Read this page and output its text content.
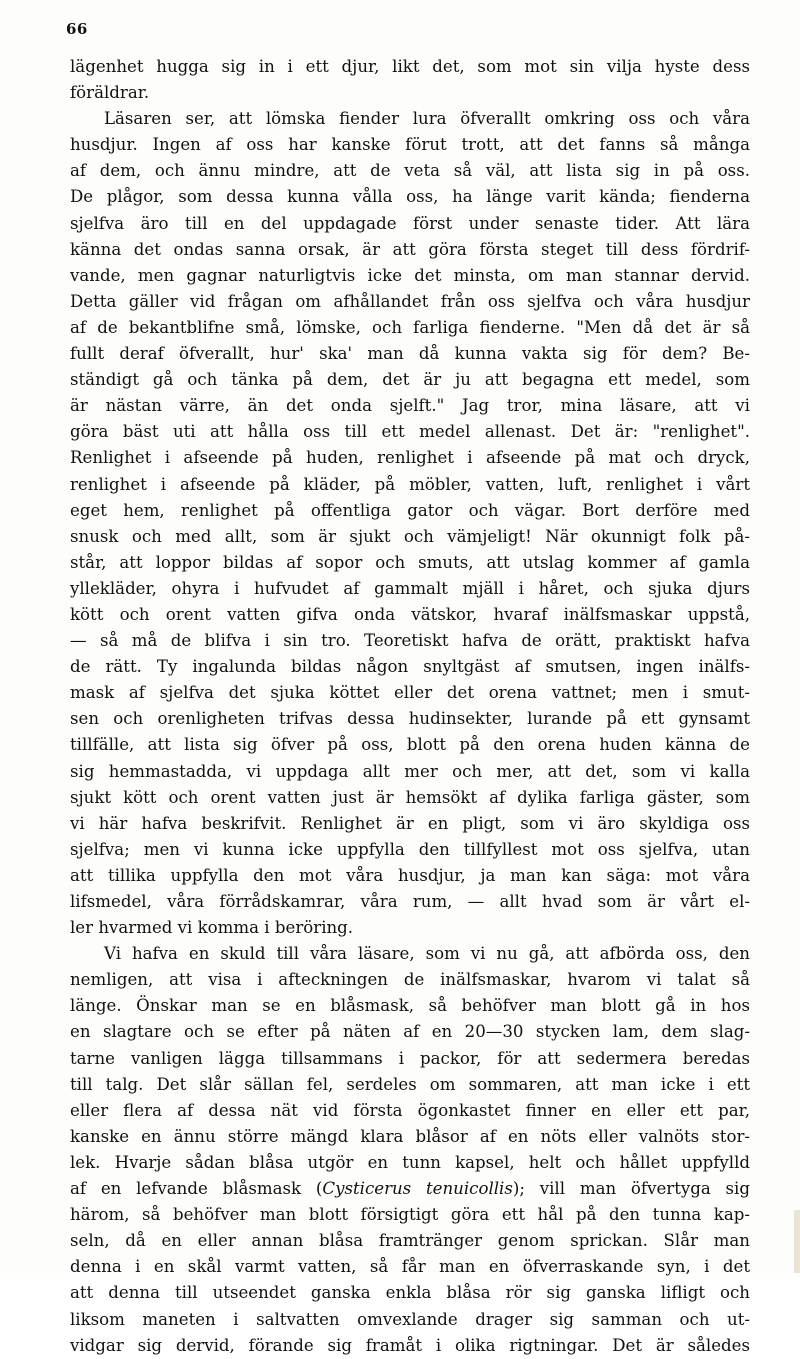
66
lägenhet hugga sig in i ett djur, likt det, som mot sin vilja hyste dess
föräldrar.
Läsaren ser, att lömska fiender lura öfverallt omkring oss och våra
husdjur. Ingen af oss har kanske förut trott, att det fanns så många
af dem, och ännu mindre, att de veta så väl, att lista sig in på oss.
De plågor, som dessa kunna vålla oss, ha länge varit kända; fienderna
sjelfva äro till en del uppdagade först under senaste tider. Att lära
känna det ondas sanna orsak, är att göra första steget till dess fördrif-
vande, men gagnar naturligtvis icke det minsta, om man stannar dervid.
Detta gäller vid frågan om afhållandet från oss sjelfva och våra husdjur
af de bekantblifne små, lömske, och farliga fienderne. "Men då det är så
fullt deraf öfverallt, hur' ska' man då kunna vakta sig för dem? Be-
ständigt gå och tänka på dem, det är ju att begagna ett medel, som
är nästan värre, än det onda sjelft." Jag tror, mina läsare, att vi
göra bäst uti att hålla oss till ett medel allenast. Det är: "renlighet".
Renlighet i afseende på huden, renlighet i afseende på mat och dryck,
renlighet i afseende på kläder, på möbler, vatten, luft, renlighet i vårt
eget hem, renlighet på offentliga gator och vägar. Bort derföre med
snusk och med allt, som är sjukt och vämjeligt! När okunnigt folk på-
står, att loppor bildas af sopor och smuts, att utslag kommer af gamla
yllekläder, ohyra i hufvudet af gammalt mjäll i håret, och sjuka djurs
kött och orent vatten gifva onda vätskor, hvaraf inälfsmaskar uppstå,
— så må de blifva i sin tro. Teoretiskt hafva de orätt, praktiskt hafva
de rätt. Ty ingalunda bildas någon snyltgäst af smutsen, ingen inälfs-
mask af sjelfva det sjuka köttet eller det orena vattnet; men i smut-
sen och orenligheten trifvas dessa hudinsekter, lurande på ett gynsamt
tillfälle, att lista sig öfver på oss, blott på den orena huden känna de
sig hemmastadda, vi uppdaga allt mer och mer, att det, som vi kalla
sjukt kött och orent vatten just är hemsökt af dylika farliga gäster, som
vi här hafva beskrifvit. Renlighet är en pligt, som vi äro skyldiga oss
sjelfva; men vi kunna icke uppfylla den tillfyllest mot oss sjelfva, utan
att tillika uppfylla den mot våra husdjur, ja man kan säga: mot våra
lifsmedel, våra förrådskamrar, våra rum, — allt hvad som är vårt el-
ler hvarmed vi komma i beröring.
Vi hafva en skuld till våra läsare, som vi nu gå, att afbörda oss, den
nemligen, att visa i afteckningen de inälfsmaskar, hvarom vi talat så
länge. Önskar man se en blåsmask, så behöfver man blott gå in hos
en slagtare och se efter på näten af en 20—30 stycken lam, dem slag-
tarne vanligen lägga tillsammans i packor, för att sedermera beredas
till talg. Det slår sällan fel, serdeles om sommaren, att man icke i ett
eller flera af dessa nät vid första ögonkastet finner en eller ett par,
kanske en ännu större mängd klara blåsor af en nöts eller valnöts stor-
lek. Hvarje sådan blåsa utgör en tunn kapsel, helt och hållet uppfylld
af en lefvande blåsmask (Cysticerus tenuicollis); vill man öfvertyga sig
härom, så behöfver man blott försigtigt göra ett hål på den tunna kap-
seln, då en eller annan blåsa framtränger genom sprickan. Slår man
denna i en skål varmt vatten, så får man en öfverraskande syn, i det
att denna till utseendet ganska enkla blåsa rör sig ganska lifligt och
liksom maneten i saltvatten omvexlande drager sig samman och ut-
vidgar sig dervid, förande sig framåt i olika rigtningar. Det är således
